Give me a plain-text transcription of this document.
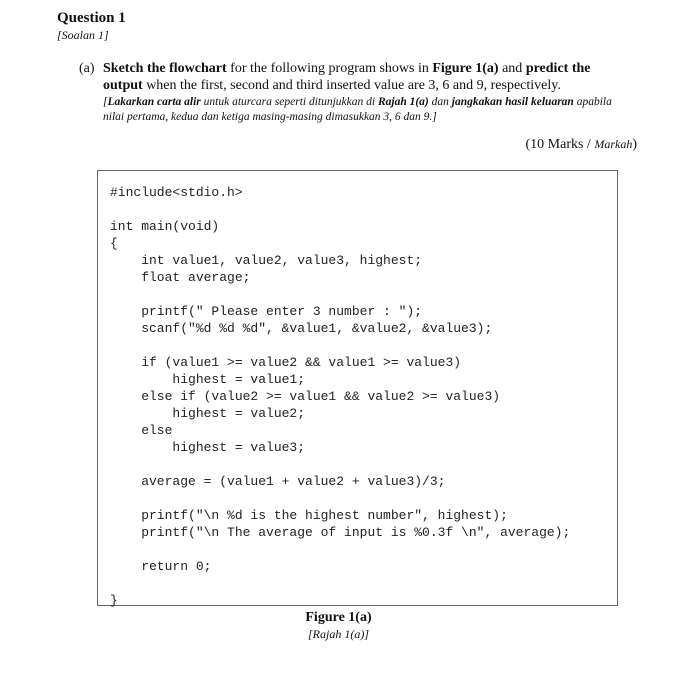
Question 1
[Soalan 1]
(a) Sketch the flowchart for the following program shows in Figure 1(a) and predict the output when the first, second and third inserted value are 3, 6 and 9, respectively.
[Lakarkan carta alir untuk aturcara seperti ditunjukkan di Rajah 1(a) dan jangkakan hasil keluaran apabila nilai pertama, kedua dan ketiga masing-masing dimasukkan 3, 6 dan 9.]
(10 Marks / Markah)
#include<stdio.h>
int main(void)
{
int value1, value2, value3, highest;
float average;
printf(" Please enter 3 number : ");
scanf("%d %d %d", &value1, &value2, &value3);
if (value1 >= value2 && value1 >= value3)
highest = value1;
else if (value2 >= value1 && value2 >= value3)
highest = value2;
else
highest = value3;
average = (value1 + value2 + value3)/3;
printf("\n %d is the highest number", highest);
printf("\n The average of input is %0.3f \n", average);
return 0;
}
Figure 1(a)
[Rajah 1(a)]
